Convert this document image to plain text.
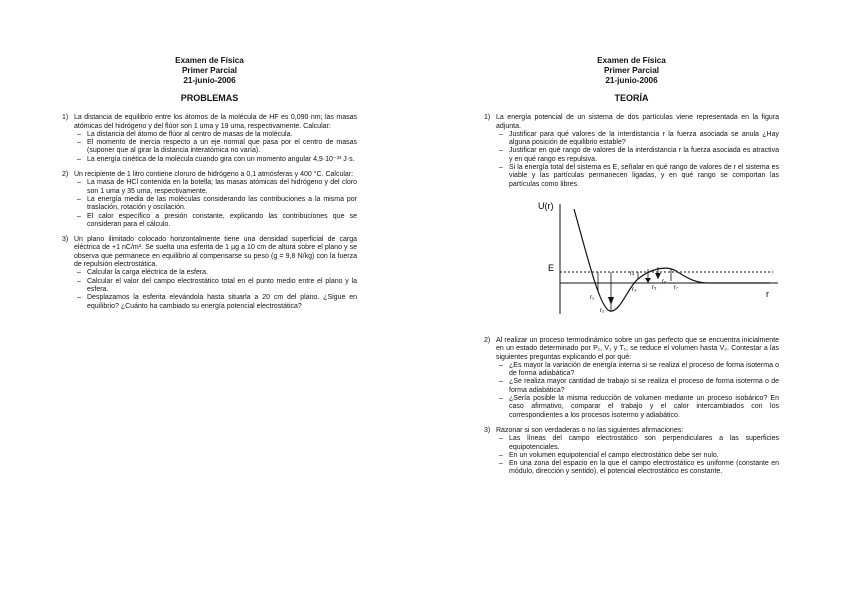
Examen de Física
Primer Parcial
21-junio-2006
PROBLEMAS
1) La distancia de equilibrio entre los átomos de la molécula de HF es 0,090 nm; las masas atómicas del hidrógeno y del flúor son 1 uma y 19 uma, respectivamente. Calcular:
– La distancia del átomo de flúor al centro de masas de la molécula.
– El momento de inercia respecto a un eje normal que pasa por el centro de masas (suponer que al girar la distancia interatómica no varía).
– La energía cinética de la molécula cuando gira con un momento angular 4,9·10⁻³³ J·s.
2) Un recipiente de 1 litro contiene cloruro de hidrógeno a 0,1 atmósferas y 400 °C. Calcular:
– La masa de HCl contenida en la botella; las masas atómicas del hidrógeno y del cloro son 1 uma y 35 uma, respectivamente.
– La energía media de las moléculas considerando las contribuciones a la misma por traslación, rotación y oscilación.
– El calor específico a presión constante, explicando las contribuciones que se consideran para el cálculo.
3) Un plano ilimitado colocado horizontalmente tiene una densidad superficial de carga eléctrica de +1 nC/m². Se suelta una esferita de 1 µg a 10 cm de altura sobre el plano y se observa que permanece en equilibrio al compensarse su peso (g = 9,8 N/kg) con la fuerza de repulsión electrostática.
– Calcular la carga eléctrica de la esfera.
– Calcular el valor del campo electrostático total en el punto medio entre el plano y la esfera.
– Desplazamos la esferita elevándola hasta situarla a 20 cm del plano. ¿Sigue en equilibrio? ¿Cuánto ha cambiado su energía potencial electrostática?
Examen de Física
Primer Parcial
21-junio-2006
TEORÍA
1) La energía potencial de un sistema de dos partículas viene representada en la figura adjunta.
– Justificar para qué valores de la interdistancia r la fuerza asociada se anula ¿Hay alguna posición de equilibrio estable?
– Justificar en qué rango de valores de la interdistancia r la fuerza asociada es atractiva y en qué rango es repulsiva.
– Si la energía total del sistema es E, señalar en qué rango de valores de r el sistema es viable y las partículas permanecen ligadas, y en qué rango se comportan las partículas como libres.
U(r)
r
E
r₁
r₂
r₃
r₄
r₅
r₆
r₇
2) Al realizar un proceso termodinámico sobre un gas perfecto que se encuentra inicialmente en un estado determinado por P₁, V₁ y T₁, se reduce el volumen hasta V₂. Contestar a las siguientes preguntas explicando el por qué:
– ¿Es mayor la variación de energía interna si se realiza el proceso de forma isoterma o de forma adiabática?
– ¿Se realiza mayor cantidad de trabajo si se realiza el proceso de forma isoterma o de forma adiabática?
– ¿Sería posible la misma reducción de volumen mediante un proceso isobárico? En caso afirmativo, comparar el trabajo y el calor intercambiados con los correspondientes a los procesos isotermo y adiabático.
3) Razonar si son verdaderas o no las siguientes afirmaciones:
– Las líneas del campo electrostático son perpendiculares a las superficies equipotenciales.
– En un volumen equipotencial el campo electrostático debe ser nulo.
– En una zona del espacio en la que el campo electrostático es uniforme (constante en módulo, dirección y sentido), el potencial electrostático es constante.
